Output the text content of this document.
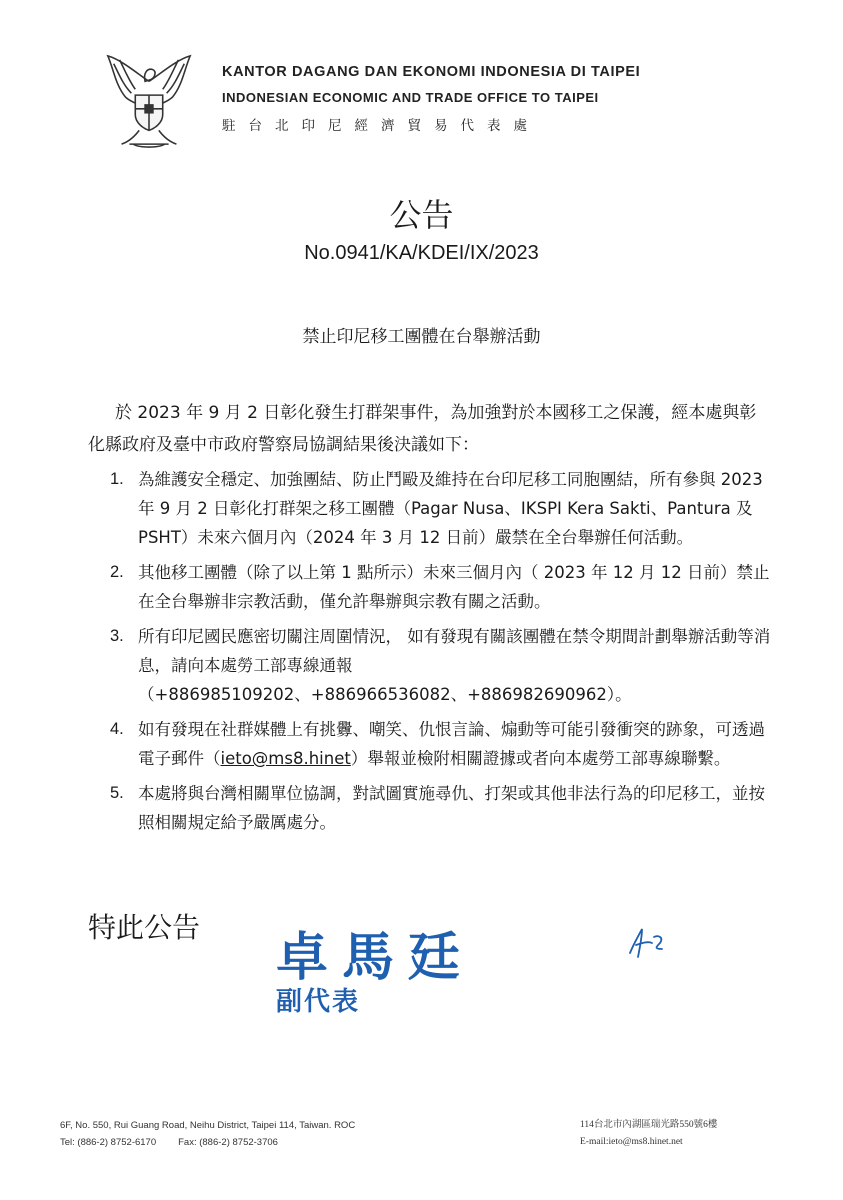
KANTOR DAGANG DAN EKONOMI INDONESIA DI TAIPEI
INDONESIAN ECONOMIC AND TRADE OFFICE TO TAIPEI
駐台北印尼經濟貿易代表處
公告
No.0941/KA/KDEI/IX/2023
禁止印尼移工團體在台舉辦活動

於 2023 年 9 月 2 日彰化發生打群架事件，為加強對於本國移工之保護，經本處與彰化縣政府及臺中市政府警察局協調結果後決議如下：

1. 為維護安全穩定、加強團結、防止鬥毆及維持在台印尼移工同胞團結，所有參與 2023 年 9 月 2 日彰化打群架之移工團體（Pagar Nusa、IKSPI Kera Sakti、Pantura 及 PSHT）未來六個月內（2024 年 3 月 12 日前）嚴禁在全台舉辦任何活動。
2. 其他移工團體（除了以上第 1 點所示）未來三個月內（ 2023 年 12 月 12 日前）禁止在全台舉辦非宗教活動，僅允許舉辦與宗教有關之活動。
3. 所有印尼國民應密切關注周圍情況， 如有發現有關該團體在禁令期間計劃舉辦活動等消息，請向本處勞工部專線通報（+886985109202、+886966536082、+886982690962）。
4. 如有發現在社群媒體上有挑釁、嘲笑、仇恨言論、煽動等可能引發衝突的跡象，可透過電子郵件（ieto@ms8.hinet）舉報並檢附相關證據或者向本處勞工部專線聯繫。
5. 本處將與台灣相關單位協調，對試圖實施尋仇、打架或其他非法行為的印尼移工，並按照相關規定給予嚴厲處分。
特此公告 卓馬廷
副代表
6F, No. 550, Rui Guang Road, Neihu District, Taipei 114, Taiwan. ROC
Tel: (886-2) 8752-6170 Fax: (886-2) 8752-3706
114台北市內湖區瑞光路550號6樓
E-mail:ieto@ms8.hinet.net
